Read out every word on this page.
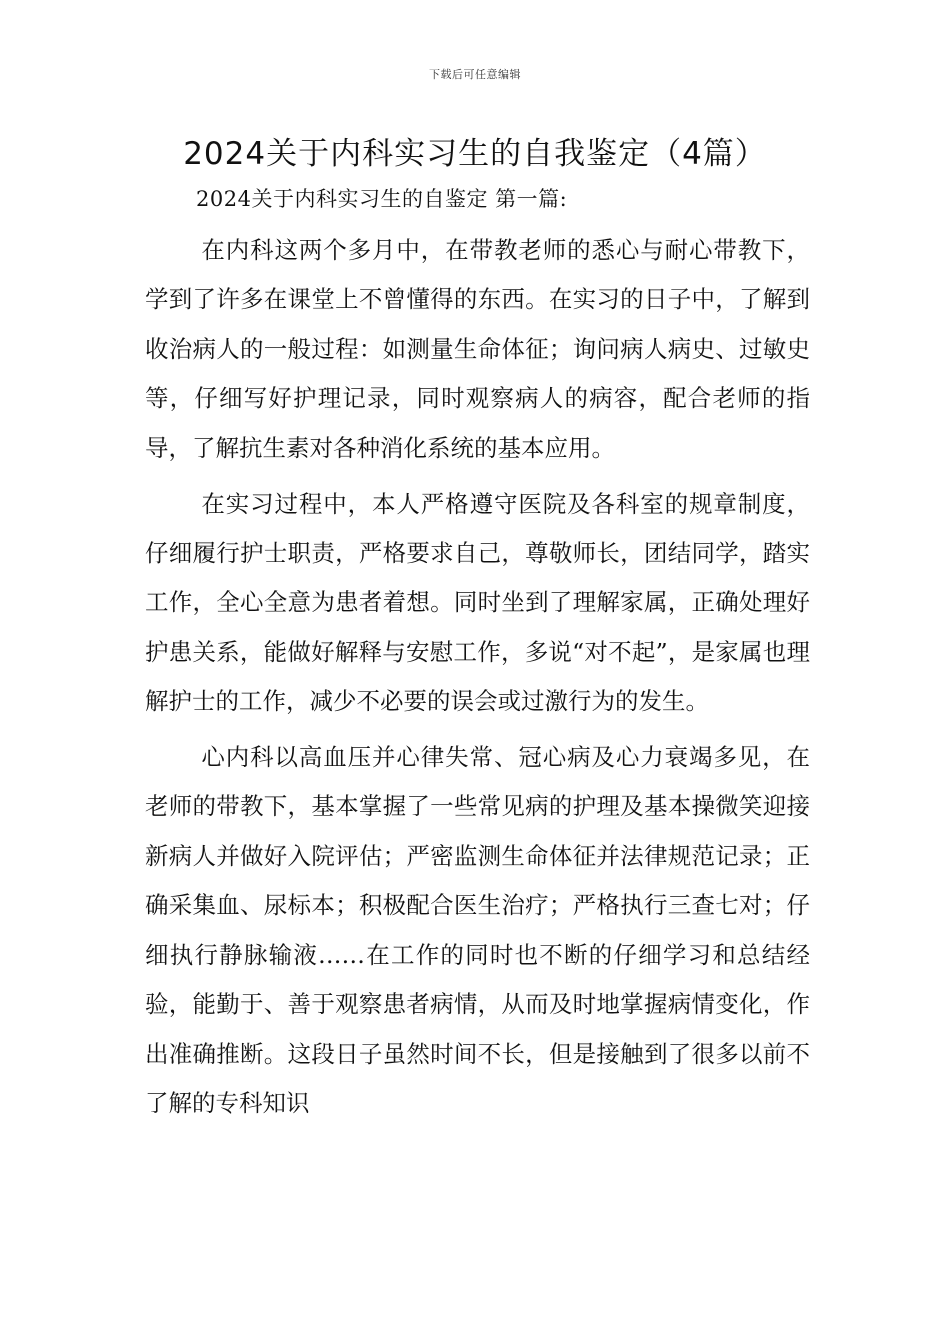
下载后可任意编辑
2024关于内科实习生的自我鉴定（4篇）
2024关于内科实习生的自鉴定 第一篇:

在内科这两个多月中，在带教老师的悉心与耐心带教下，学到了许多在课堂上不曾懂得的东西。在实习的日子中，了解到收治病人的一般过程：如测量生命体征；询问病人病史、过敏史等，仔细写好护理记录，同时观察病人的病容，配合老师的指导，了解抗生素对各种消化系统的基本应用。

在实习过程中，本人严格遵守医院及各科室的规章制度，仔细履行护士职责，严格要求自己，尊敬师长，团结同学，踏实工作，全心全意为患者着想。同时坐到了理解家属，正确处理好护患关系，能做好解释与安慰工作，多说“对不起”，是家属也理解护士的工作，减少不必要的误会或过激行为的发生。

心内科以高血压并心律失常、冠心病及心力衰竭多见，在老师的带教下，基本掌握了一些常见病的护理及基本操微笑迎接新病人并做好入院评估；严密监测生命体征并法律规范记录；正确采集血、尿标本；积极配合医生治疗；严格执行三查七对；仔细执行静脉输液……在工作的同时也不断的仔细学习和总结经验，能勤于、善于观察患者病情，从而及时地掌握病情变化，作出准确推断。这段日子虽然时间不长，但是接触到了很多以前不了解的专科知识
